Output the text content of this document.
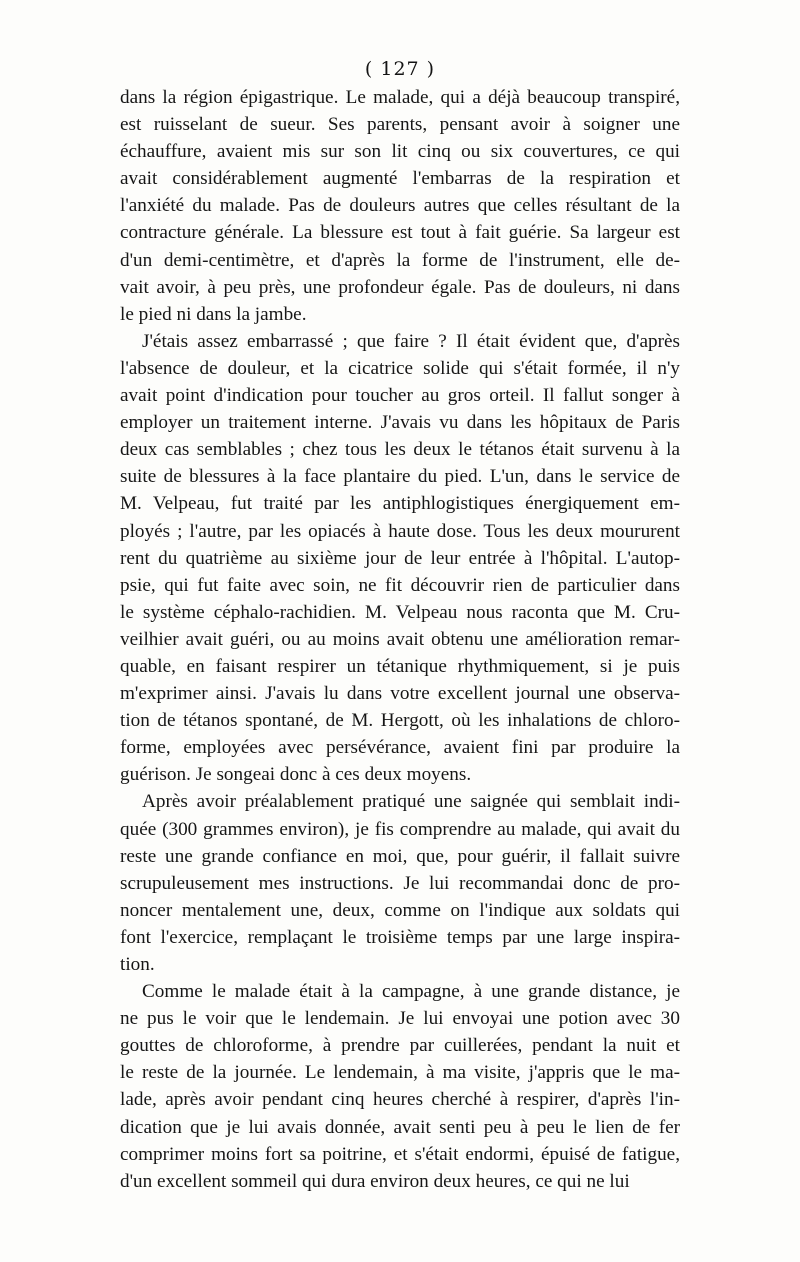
( 127 )
dans la région épigastrique. Le malade, qui a déjà beaucoup transpiré,
est ruisselant de sueur. Ses parents, pensant avoir à soigner une
échauffure, avaient mis sur son lit cinq ou six couvertures, ce qui
avait considérablement augmenté l'embarras de la respiration et
l'anxiété du malade. Pas de douleurs autres que celles résultant de la
contracture générale. La blessure est tout à fait guérie. Sa largeur est
d'un demi-centimètre, et d'après la forme de l'instrument, elle de-
vait avoir, à peu près, une profondeur égale. Pas de douleurs, ni dans
le pied ni dans la jambe.
J'étais assez embarrassé ; que faire ? Il était évident que, d'après
l'absence de douleur, et la cicatrice solide qui s'était formée, il n'y
avait point d'indication pour toucher au gros orteil. Il fallut songer à
employer un traitement interne. J'avais vu dans les hôpitaux de Paris
deux cas semblables ; chez tous les deux le tétanos était survenu à la
suite de blessures à la face plantaire du pied. L'un, dans le service de
M. Velpeau, fut traité par les antiphlogistiques énergiquement em-
ployés ; l'autre, par les opiacés à haute dose. Tous les deux moururent
rent du quatrième au sixième jour de leur entrée à l'hôpital. L'autop-
psie, qui fut faite avec soin, ne fit découvrir rien de particulier dans
le système céphalo-rachidien. M. Velpeau nous raconta que M. Cru-
veilhier avait guéri, ou au moins avait obtenu une amélioration remar-
quable, en faisant respirer un tétanique rhythmiquement, si je puis
m'exprimer ainsi. J'avais lu dans votre excellent journal une observa-
tion de tétanos spontané, de M. Hergott, où les inhalations de chloro-
forme, employées avec persévérance, avaient fini par produire la
guérison. Je songeai donc à ces deux moyens.
Après avoir préalablement pratiqué une saignée qui semblait indi-
quée (300 grammes environ), je fis comprendre au malade, qui avait du
reste une grande confiance en moi, que, pour guérir, il fallait suivre
scrupuleusement mes instructions. Je lui recommandai donc de pro-
noncer mentalement une, deux, comme on l'indique aux soldats qui
font l'exercice, remplaçant le troisième temps par une large inspira-
tion.
Comme le malade était à la campagne, à une grande distance, je
ne pus le voir que le lendemain. Je lui envoyai une potion avec 30
gouttes de chloroforme, à prendre par cuillerées, pendant la nuit et
le reste de la journée. Le lendemain, à ma visite, j'appris que le ma-
lade, après avoir pendant cinq heures cherché à respirer, d'après l'in-
dication que je lui avais donnée, avait senti peu à peu le lien de fer
comprimer moins fort sa poitrine, et s'était endormi, épuisé de fatigue,
d'un excellent sommeil qui dura environ deux heures, ce qui ne lui
